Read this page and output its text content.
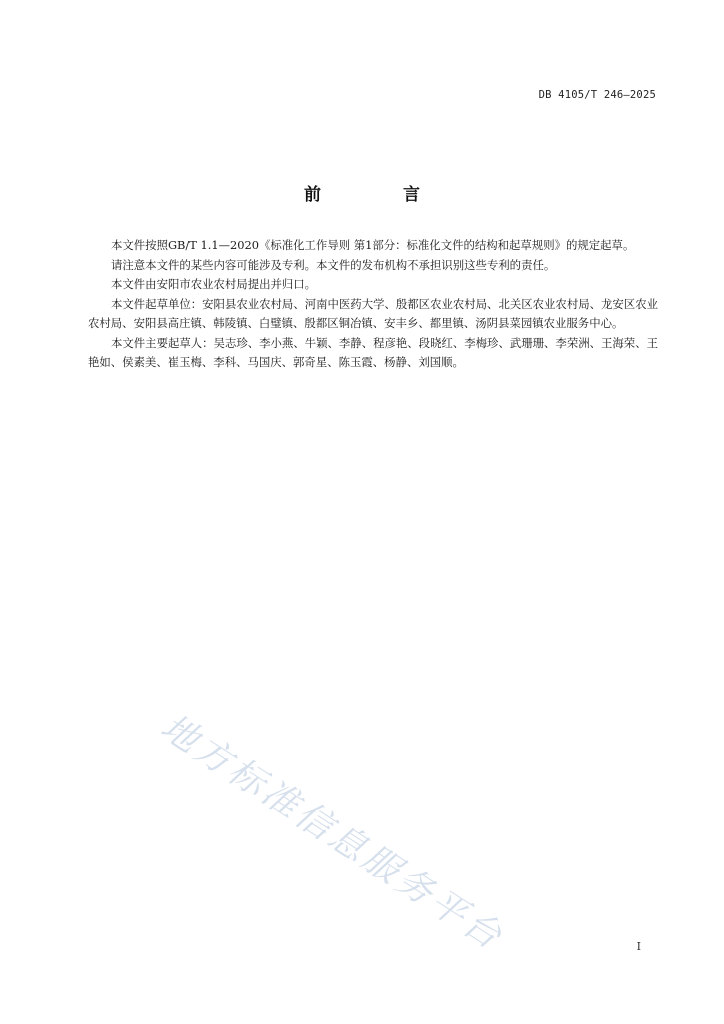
DB 4105/T 246—2025
前 言

本文件按照GB/T 1.1—2020《标准化工作导则 第1部分：标准化文件的结构和起草规则》的规定起草。

请注意本文件的某些内容可能涉及专利。本文件的发布机构不承担识别这些专利的责任。

本文件由安阳市农业农村局提出并归口。

本文件起草单位：安阳县农业农村局、河南中医药大学、殷都区农业农村局、北关区农业农村局、龙安区农业农村局、安阳县高庄镇、韩陵镇、白璧镇、殷都区铜冶镇、安丰乡、都里镇、汤阴县菜园镇农业服务中心。

本文件主要起草人：吴志珍、李小燕、牛颖、李静、程彦艳、段晓红、李梅珍、武珊珊、李荣洲、王海荣、王艳如、侯素美、崔玉梅、李科、马国庆、郭奇星、陈玉霞、杨静、刘国顺。

地方标准信息服务平台	I
